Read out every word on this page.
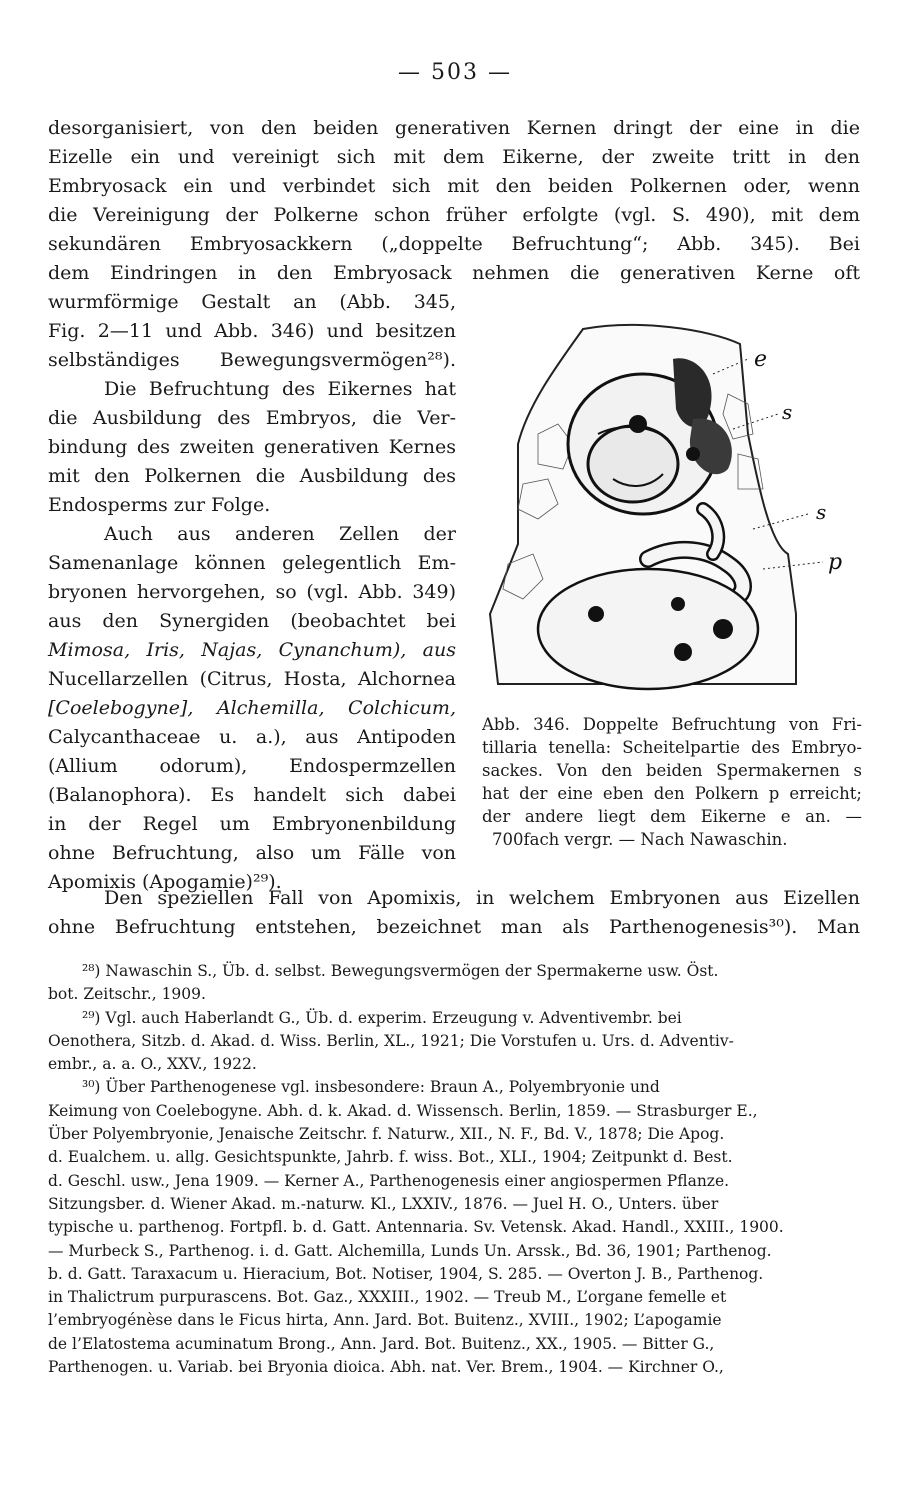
— 503 —
desorganisiert, von den beiden generativen Kernen dringt der eine in die
Eizelle ein und vereinigt sich mit dem Eikerne, der zweite tritt in den
Embryosack ein und verbindet sich mit den beiden Polkernen oder, wenn
die Vereinigung der Polkerne schon früher erfolgte (vgl. S. 490), mit dem
sekundären Embryosackkern („doppelte Befruchtung“; Abb. 345). Bei
dem Eindringen in den Embryosack nehmen die generativen Kerne oft
wurmförmige Gestalt an (Abb. 345,
Fig. 2—11 und Abb. 346) und besitzen
selbständiges Bewegungsvermögen²⁸).
Die Befruchtung des Eikernes hat
die Ausbildung des Embryos, die Ver-
bindung des zweiten generativen Kernes
mit den Polkernen die Ausbildung des
Endosperms zur Folge.
Auch aus anderen Zellen der
Samenanlage können gelegentlich Em-
bryonen hervorgehen, so (vgl. Abb. 349)
aus den Synergiden (beobachtet bei
Mimosa, Iris, Najas, Cynanchum), aus
Nucellarzellen (Citrus, Hosta, Alchornea
[Coelebogyne], Alchemilla, Colchicum,
Calycanthaceae u. a.), aus Antipoden
(Allium odorum), Endospermzellen
(Balanophora). Es handelt sich dabei
in der Regel um Embryonenbildung
ohne Befruchtung, also um Fälle von
Apomixis (Apogamie)²⁹).
Den speziellen Fall von Apomixis, in welchem Embryonen aus Eizellen
ohne Befruchtung entstehen, bezeichnet man als Parthenogenesis³⁰). Man
e
s
s
p
Abb. 346. Doppelte Befruchtung von Fri-
tillaria tenella: Scheitelpartie des Embryo-
sackes. Von den beiden Spermakernen s
hat der eine eben den Polkern p erreicht;
der andere liegt dem Eikerne e an. —
700fach vergr. — Nach Nawaschin.
²⁸) Nawaschin S., Üb. d. selbst. Bewegungsvermögen der Spermakerne usw. Öst.
bot. Zeitschr., 1909.
²⁹) Vgl. auch Haberlandt G., Üb. d. experim. Erzeugung v. Adventivembr. bei
Oenothera, Sitzb. d. Akad. d. Wiss. Berlin, XL., 1921; Die Vorstufen u. Urs. d. Adventiv-
embr., a. a. O., XXV., 1922.
³⁰) Über Parthenogenese vgl. insbesondere: Braun A., Polyembryonie und
Keimung von Coelebogyne. Abh. d. k. Akad. d. Wissensch. Berlin, 1859. — Strasburger E.,
Über Polyembryonie, Jenaische Zeitschr. f. Naturw., XII., N. F., Bd. V., 1878; Die Apog.
d. Eualchem. u. allg. Gesichtspunkte, Jahrb. f. wiss. Bot., XLI., 1904; Zeitpunkt d. Best.
d. Geschl. usw., Jena 1909. — Kerner A., Parthenogenesis einer angiospermen Pflanze.
Sitzungsber. d. Wiener Akad. m.-naturw. Kl., LXXIV., 1876. — Juel H. O., Unters. über
typische u. parthenog. Fortpfl. b. d. Gatt. Antennaria. Sv. Vetensk. Akad. Handl., XXIII., 1900.
— Murbeck S., Parthenog. i. d. Gatt. Alchemilla, Lunds Un. Arssk., Bd. 36, 1901; Parthenog.
b. d. Gatt. Taraxacum u. Hieracium, Bot. Notiser, 1904, S. 285. — Overton J. B., Parthenog.
in Thalictrum purpurascens. Bot. Gaz., XXXIII., 1902. — Treub M., L’organe femelle et
l’embryogénèse dans le Ficus hirta, Ann. Jard. Bot. Buitenz., XVIII., 1902; L’apogamie
de l’Elatostema acuminatum Brong., Ann. Jard. Bot. Buitenz., XX., 1905. — Bitter G.,
Parthenogen. u. Variab. bei Bryonia dioica. Abh. nat. Ver. Brem., 1904. — Kirchner O.,
